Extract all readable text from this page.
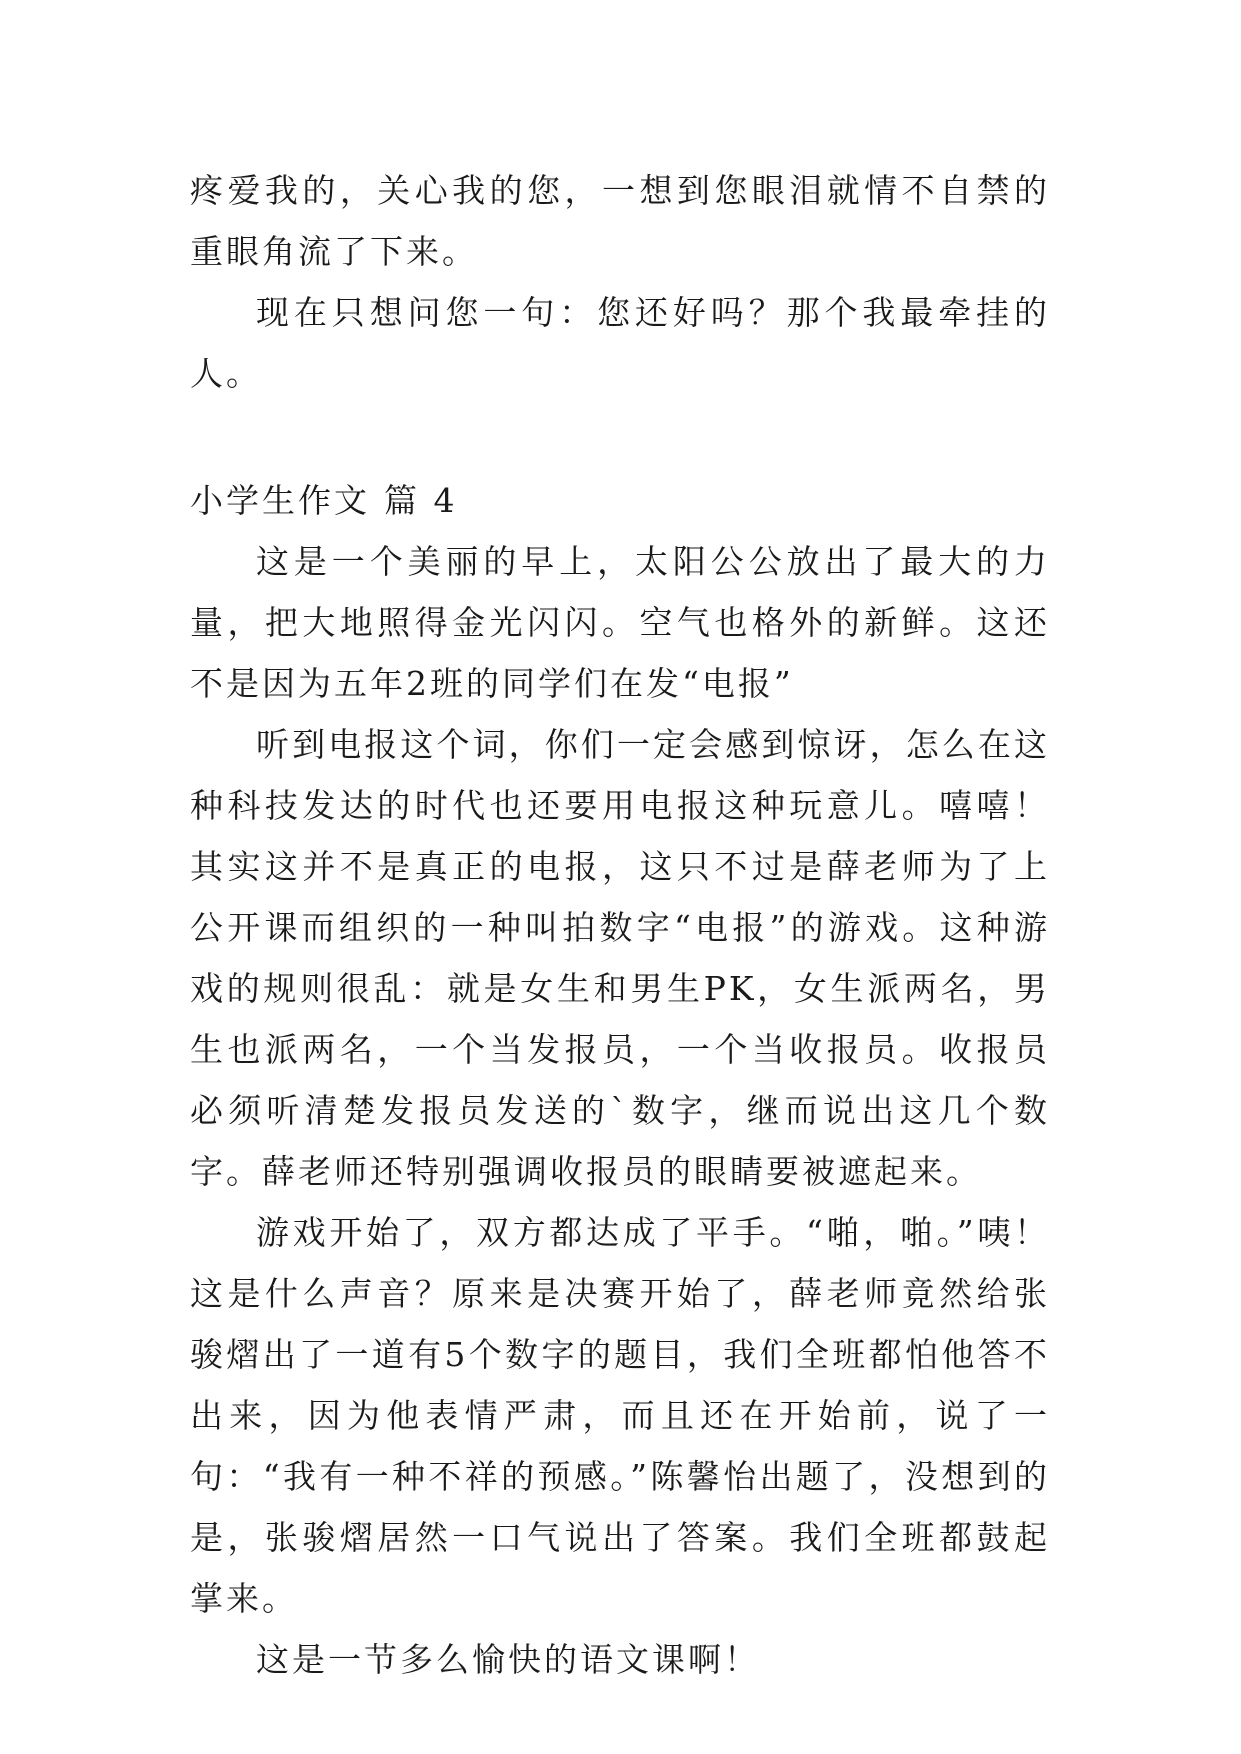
疼爱我的，关心我的您，一想到您眼泪就情不自禁的重眼角流了下来。

现在只想问您一句：您还好吗？那个我最牵挂的人。

小学生作文 篇 4

这是一个美丽的早上，太阳公公放出了最大的力量，把大地照得金光闪闪。空气也格外的新鲜。这还不是因为五年2班的同学们在发“电报”

听到电报这个词，你们一定会感到惊讶，怎么在这种科技发达的时代也还要用电报这种玩意儿。嘻嘻！其实这并不是真正的电报，这只不过是薛老师为了上公开课而组织的一种叫拍数字“电报”的游戏。这种游戏的规则很乱：就是女生和男生PK，女生派两名，男生也派两名，一个当发报员，一个当收报员。收报员必须听清楚发报员发送的`数字，继而说出这几个数字。薛老师还特别强调收报员的眼睛要被遮起来。

游戏开始了，双方都达成了平手。“啪，啪。”咦！这是什么声音？原来是决赛开始了，薛老师竟然给张骏熠出了一道有5个数字的题目，我们全班都怕他答不出来，因为他表情严肃，而且还在开始前，说了一句：“我有一种不祥的预感。”陈馨怡出题了，没想到的是，张骏熠居然一口气说出了答案。我们全班都鼓起掌来。

这是一节多么愉快的语文课啊！
